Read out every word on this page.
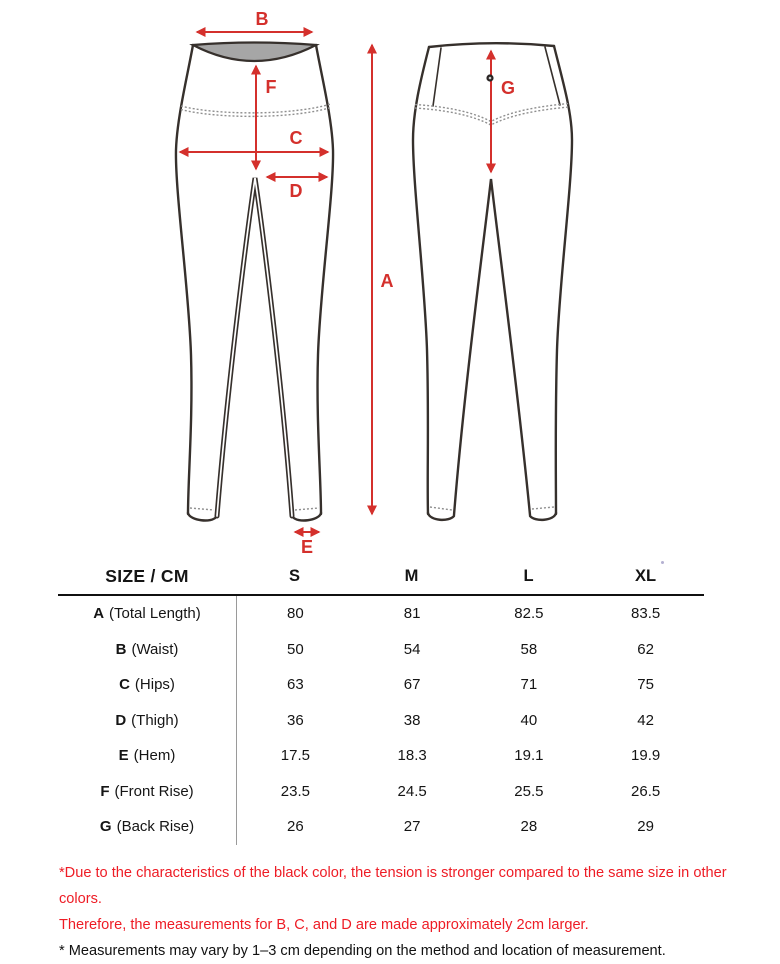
B
F
C
D
A
E
G
SIZE / CM	S	M	L	XL
A (Total Length)	80	81	82.5	83.5
B (Waist)	50	54	58	62
C (Hips)	63	67	71	75
D (Thigh)	36	38	40	42
E (Hem)	17.5	18.3	19.1	19.9
F (Front Rise)	23.5	24.5	25.5	26.5
G (Back Rise)	26	27	28	29
*Due to the characteristics of the black color, the tension is stronger compared to the same size in other colors.
Therefore, the measurements for B, C, and D are made approximately 2cm larger.
* Measurements may vary by 1–3 cm depending on the method and location of measurement.
